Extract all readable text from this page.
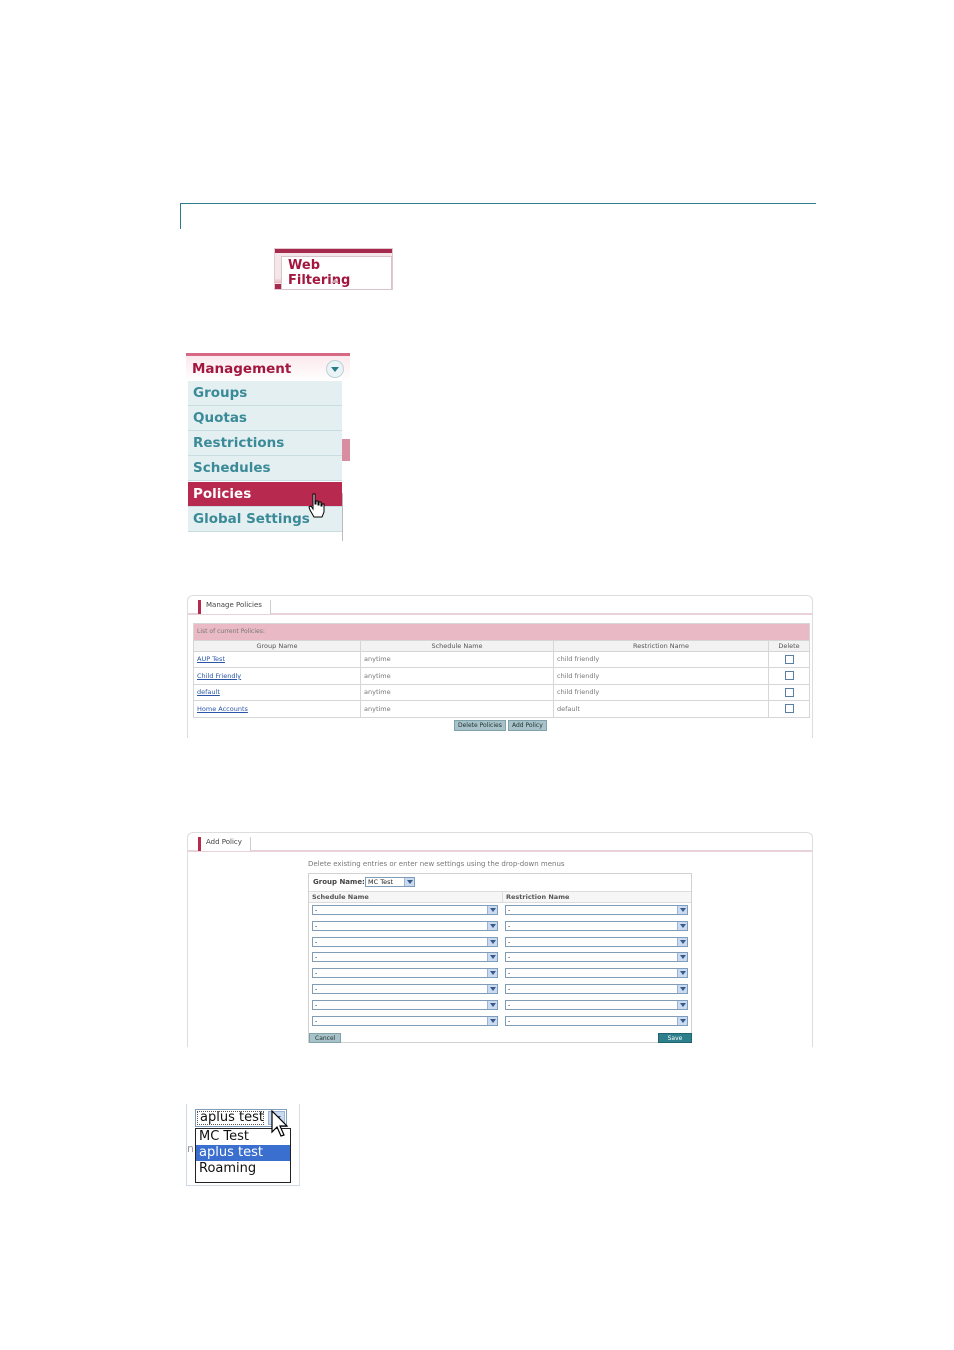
Web Filtering
Management
Groups
Quotas
Restrictions
Schedules
Policies
Global Settings
Manage Policies
List of current Policies:			
Group Name	Schedule Name	Restriction Name	Delete
AUP Test	anytime	child friendly	
Child Friendly	anytime	child friendly	
default	anytime	child friendly	
Home Accounts	anytime	default	
Delete Policies	Add Policy
Add Policy
Delete existing entries or enter new settings using the drop-down menus
Group Name: MC Test
Schedule Name	Restriction Name
-	-
-	-
-	-
-	-
-	-
-	-
-	-
-	-
Cancel	Save
n
aplus test
MC Test
aplus test
Roaming
